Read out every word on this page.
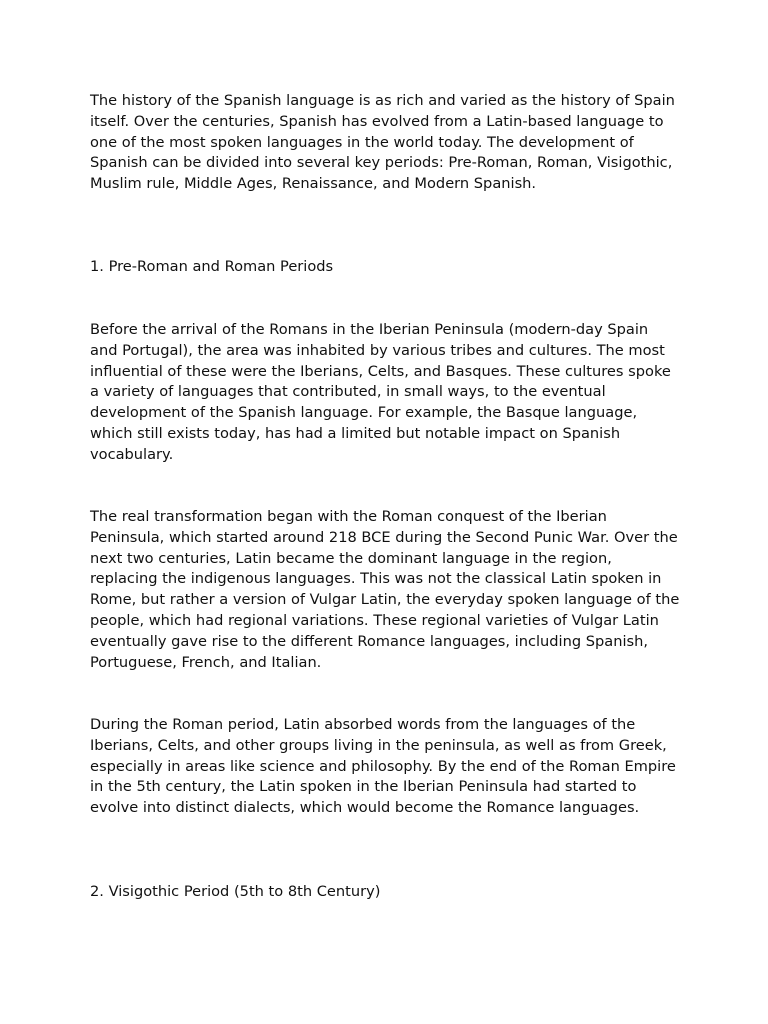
The history of the Spanish language is as rich and varied as the history of Spain itself. Over the centuries, Spanish has evolved from a Latin-based language to one of the most spoken languages in the world today. The development of Spanish can be divided into several key periods: Pre-Roman, Roman, Visigothic, Muslim rule, Middle Ages, Renaissance, and Modern Spanish.

1. Pre-Roman and Roman Periods

Before the arrival of the Romans in the Iberian Peninsula (modern-day Spain and Portugal), the area was inhabited by various tribes and cultures. The most influential of these were the Iberians, Celts, and Basques. These cultures spoke a variety of languages that contributed, in small ways, to the eventual development of the Spanish language. For example, the Basque language, which still exists today, has had a limited but notable impact on Spanish vocabulary.

The real transformation began with the Roman conquest of the Iberian Peninsula, which started around 218 BCE during the Second Punic War. Over the next two centuries, Latin became the dominant language in the region, replacing the indigenous languages. This was not the classical Latin spoken in Rome, but rather a version of Vulgar Latin, the everyday spoken language of the people, which had regional variations. These regional varieties of Vulgar Latin eventually gave rise to the different Romance languages, including Spanish, Portuguese, French, and Italian.

During the Roman period, Latin absorbed words from the languages of the Iberians, Celts, and other groups living in the peninsula, as well as from Greek, especially in areas like science and philosophy. By the end of the Roman Empire in the 5th century, the Latin spoken in the Iberian Peninsula had started to evolve into distinct dialects, which would become the Romance languages.

2. Visigothic Period (5th to 8th Century)
